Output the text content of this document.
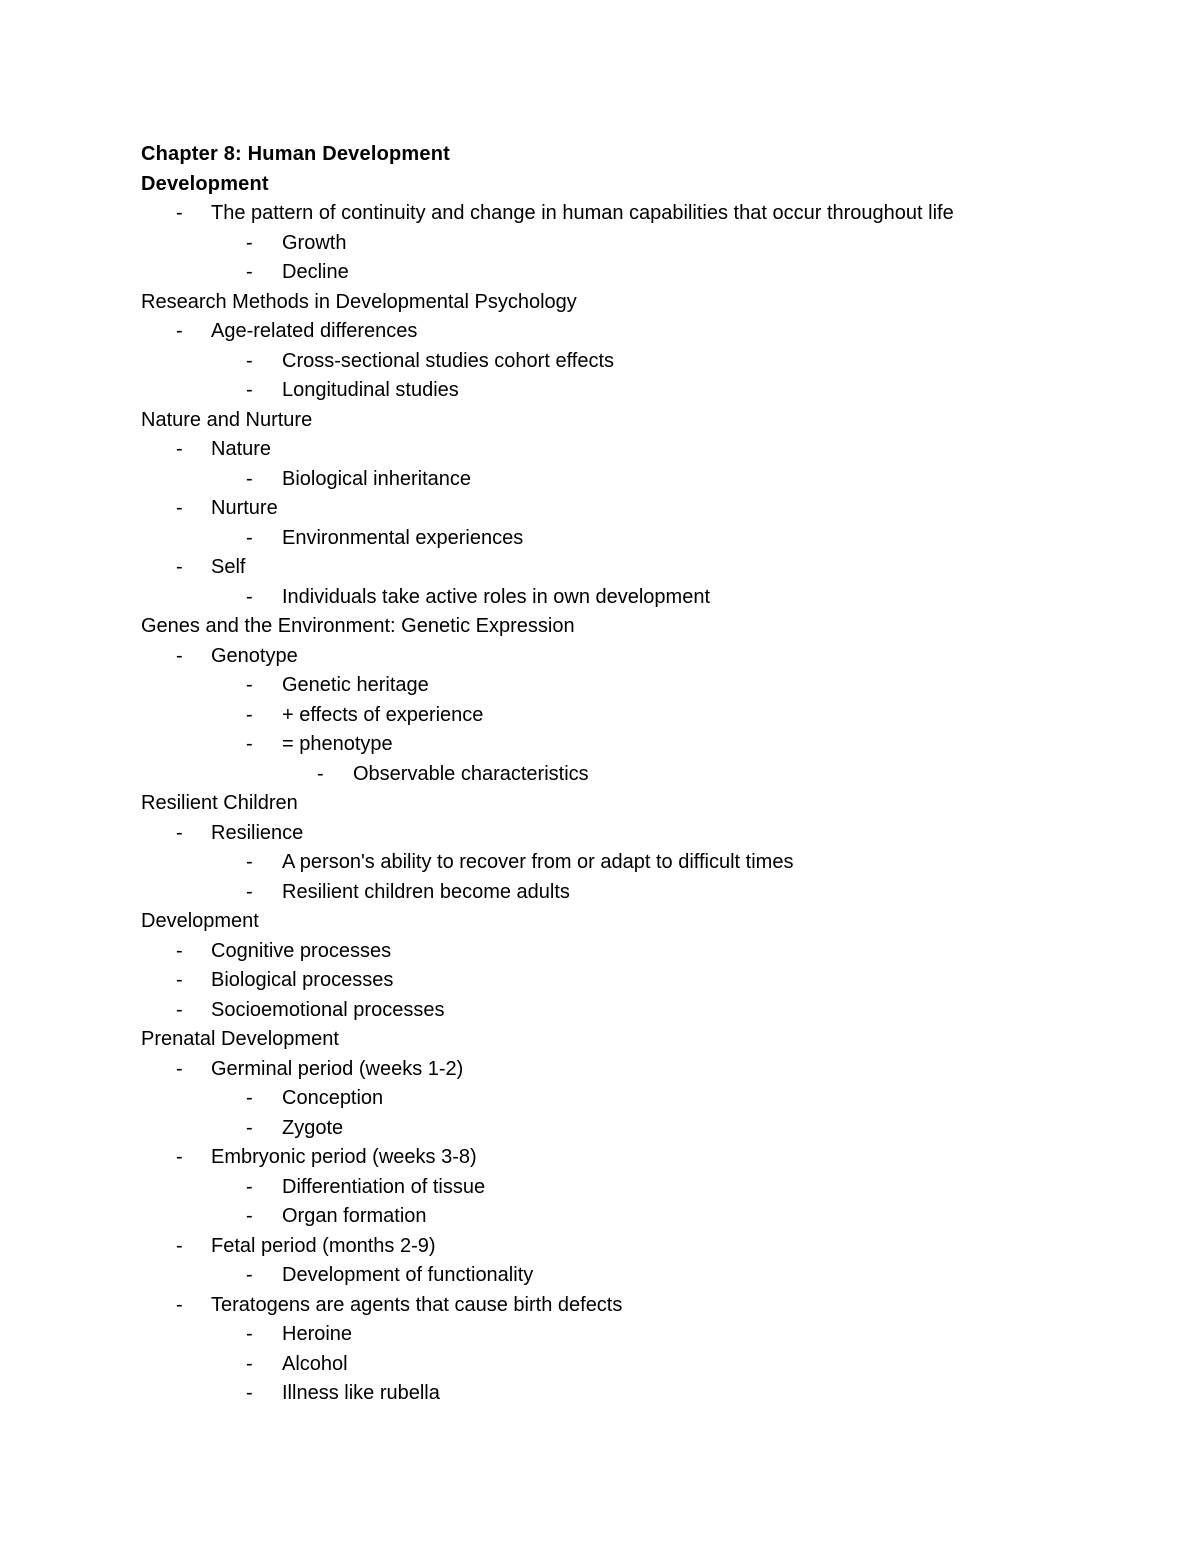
Chapter 8: Human Development
Development
- The pattern of continuity and change in human capabilities that occur throughout life
- Growth
- Decline
Research Methods in Developmental Psychology
- Age-related differences
- Cross-sectional studies cohort effects
- Longitudinal studies
Nature and Nurture
- Nature
- Biological inheritance
- Nurture
- Environmental experiences
- Self
- Individuals take active roles in own development
Genes and the Environment: Genetic Expression
- Genotype
- Genetic heritage
- + effects of experience
- = phenotype
- Observable characteristics
Resilient Children
- Resilience
- A person's ability to recover from or adapt to difficult times
- Resilient children become adults
Development
- Cognitive processes
- Biological processes
- Socioemotional processes
Prenatal Development
- Germinal period (weeks 1-2)
- Conception
- Zygote
- Embryonic period (weeks 3-8)
- Differentiation of tissue
- Organ formation
- Fetal period (months 2-9)
- Development of functionality
- Teratogens are agents that cause birth defects
- Heroine
- Alcohol
- Illness like rubella
